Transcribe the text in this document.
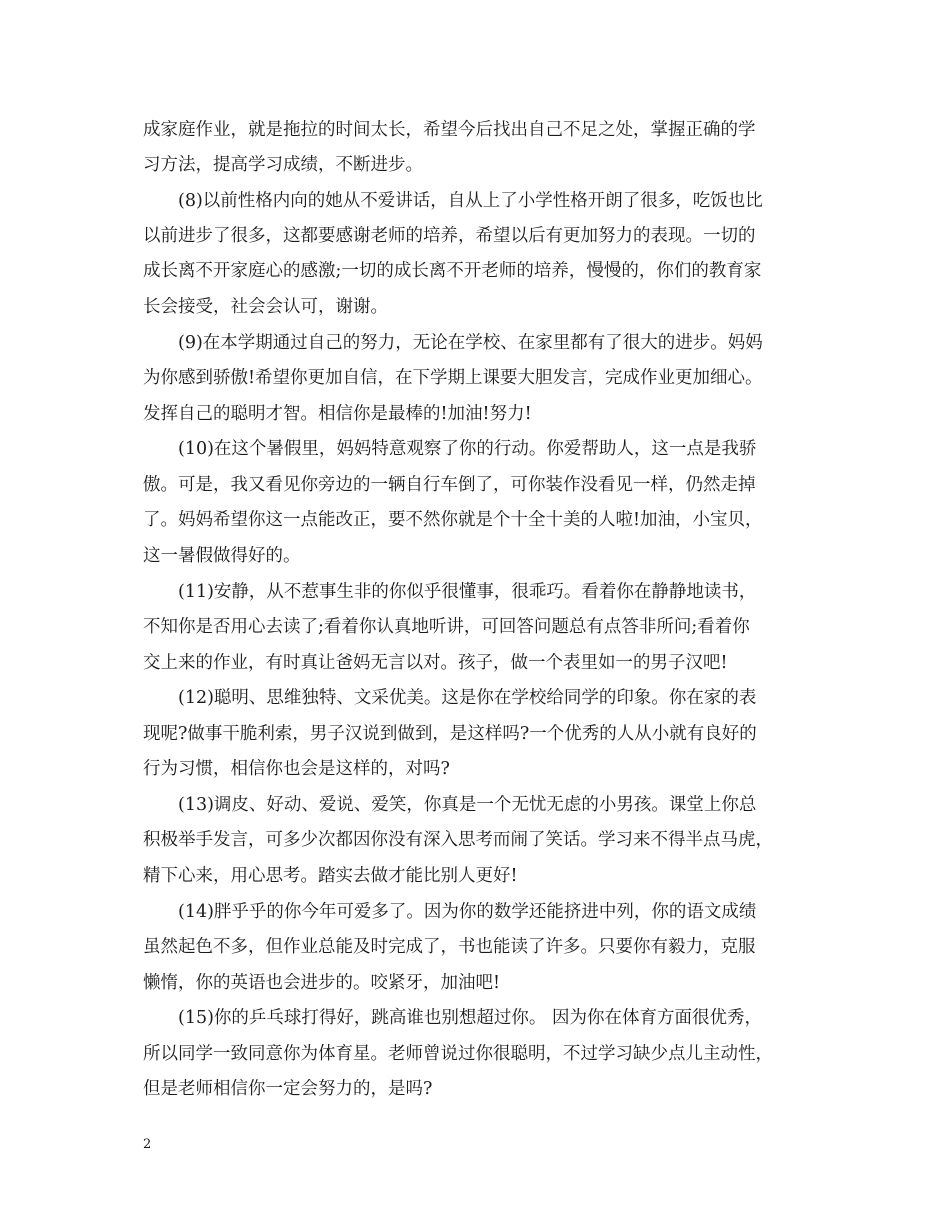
成家庭作业，就是拖拉的时间太长，希望今后找出自己不足之处，掌握正确的学

习方法，提高学习成绩，不断进步。

(8)以前性格内向的她从不爱讲话，自从上了小学性格开朗了很多，吃饭也比

以前进步了很多，这都要感谢老师的培养，希望以后有更加努力的表现。一切的

成长离不开家庭心的感激;一切的成长离不开老师的培养，慢慢的，你们的教育家

长会接受，社会会认可，谢谢。

(9)在本学期通过自己的努力，无论在学校、在家里都有了很大的进步。妈妈

为你感到骄傲!希望你更加自信，在下学期上课要大胆发言，完成作业更加细心。

发挥自己的聪明才智。相信你是最棒的!加油!努力!

(10)在这个暑假里，妈妈特意观察了你的行动。你爱帮助人，这一点是我骄

傲。可是，我又看见你旁边的一辆自行车倒了，可你装作没看见一样，仍然走掉

了。妈妈希望你这一点能改正，要不然你就是个十全十美的人啦!加油，小宝贝，

这一暑假做得好的。

(11)安静，从不惹事生非的你似乎很懂事，很乖巧。看着你在静静地读书，

不知你是否用心去读了;看着你认真地听讲，可回答问题总有点答非所问;看着你

交上来的作业，有时真让爸妈无言以对。孩子，做一个表里如一的男子汉吧!

(12)聪明、思维独特、文采优美。这是你在学校给同学的印象。你在家的表

现呢?做事干脆利索，男子汉说到做到，是这样吗?一个优秀的人从小就有良好的

行为习惯，相信你也会是这样的，对吗?

(13)调皮、好动、爱说、爱笑，你真是一个无忧无虑的小男孩。课堂上你总

积极举手发言，可多少次都因你没有深入思考而闹了笑话。学习来不得半点马虎，

精下心来，用心思考。踏实去做才能比别人更好!

(14)胖乎乎的你今年可爱多了。因为你的数学还能挤进中列，你的语文成绩

虽然起色不多，但作业总能及时完成了，书也能读了许多。只要你有毅力，克服

懒惰，你的英语也会进步的。咬紧牙，加油吧!

(15)你的乒乓球打得好，跳高谁也别想超过你。 因为你在体育方面很优秀，

所以同学一致同意你为体育星。老师曾说过你很聪明，不过学习缺少点儿主动性，

但是老师相信你一定会努力的，是吗?

2
